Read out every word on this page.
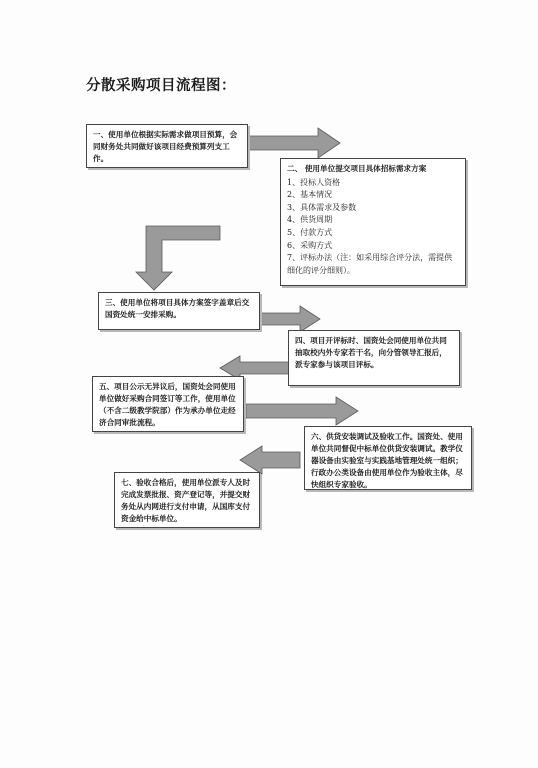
分散采购项目流程图：

一、使用单位根据实际需求做项目预算，会同财务处共同做好该项目经费预算列支工作。

二、 使用单位提交项目具体招标需求方案

1、投标人资格

2、基本情况

3、具体需求及参数

4、供货周期

5、付款方式

6、采购方式

7、评标办法（注：如采用综合评分法，需提供细化的评分细则）。

三、使用单位将项目具体方案签字盖章后交国资处统一安排采购。

四、项目开评标时、国资处会同使用单位共同抽取校内外专家若干名，向分管领导汇报后，派专家参与该项目评标。

五、项目公示无异议后，国资处会同使用单位做好采购合同签订等工作，使用单位（不含二级教学院部）作为承办单位走经济合同审批流程。

六、供货安装调试及验收工作。国资处、使用单位共同督促中标单位供货安装调试。教学仪器设备由实验室与实践基地管理处统一组织；行政办公类设备由使用单位作为验收主体，尽快组织专家验收。

七、验收合格后，使用单位派专人及时完成发票批报、资产登记等，并提交财务处从内网进行支付申请，从国库支付资金给中标单位。
